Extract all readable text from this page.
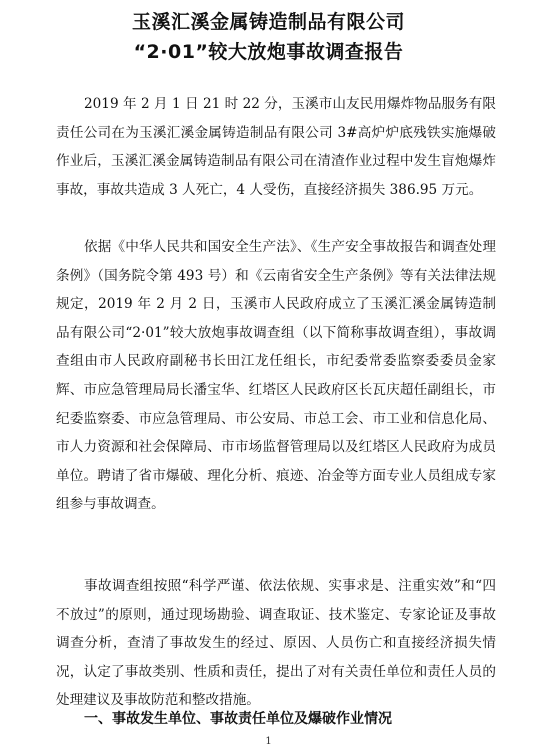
玉溪汇溪金属铸造制品有限公司
“2·01”较大放炮事故调查报告

2019 年 2 月 1 日 21 时 22 分，玉溪市山友民用爆炸物品服务有限责任公司在为玉溪汇溪金属铸造制品有限公司 3#高炉炉底残铁实施爆破作业后，玉溪汇溪金属铸造制品有限公司在清渣作业过程中发生盲炮爆炸事故，事故共造成 3 人死亡，4 人受伤，直接经济损失 386.95 万元。

依据《中华人民共和国安全生产法》、《生产安全事故报告和调查处理条例》（国务院令第 493 号）和《云南省安全生产条例》等有关法律法规规定，2019 年 2 月 2 日，玉溪市人民政府成立了玉溪汇溪金属铸造制品有限公司“2·01”较大放炮事故调查组（以下简称事故调查组），事故调查组由市人民政府副秘书长田江龙任组长，市纪委常委监察委委员金家辉、市应急管理局局长潘宝华、红塔区人民政府区长瓦庆超任副组长，市纪委监察委、市应急管理局、市公安局、市总工会、市工业和信息化局、市人力资源和社会保障局、市市场监督管理局以及红塔区人民政府为成员单位。聘请了省市爆破、理化分析、痕迹、冶金等方面专业人员组成专家组参与事故调查。

事故调查组按照“科学严谨、依法依规、实事求是、注重实效”和“四不放过”的原则，通过现场勘验、调查取证、技术鉴定、专家论证及事故调查分析，查清了事故发生的经过、原因、人员伤亡和直接经济损失情况，认定了事故类别、性质和责任，提出了对有关责任单位和责任人员的处理建议及事故防范和整改措施。

一、事故发生单位、事故责任单位及爆破作业情况
1
